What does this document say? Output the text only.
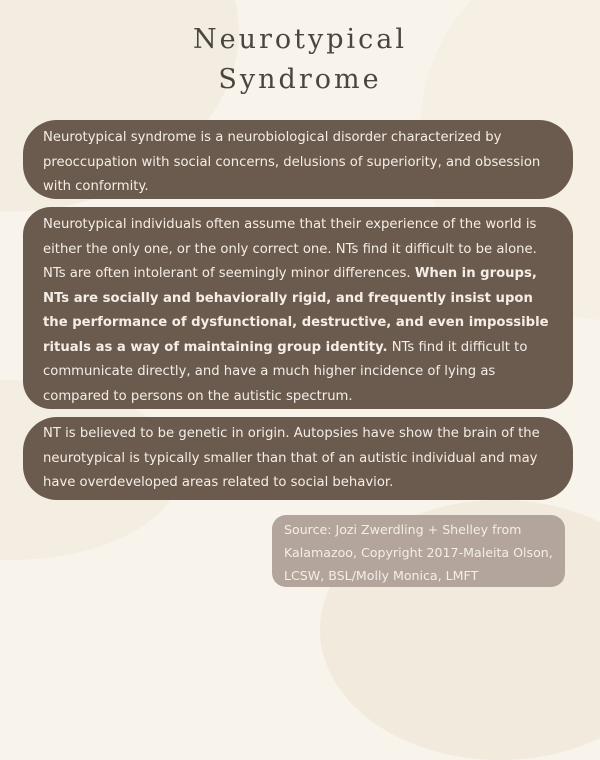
Neurotypical
Syndrome
Neurotypical syndrome is a neurobiological disorder characterized by preoccupation with social concerns, delusions of superiority, and obsession with conformity.
Neurotypical individuals often assume that their experience of the world is either the only one, or the only correct one. NTs find it difficult to be alone. NTs are often intolerant of seemingly minor differences. When in groups, NTs are socially and behaviorally rigid, and frequently insist upon the performance of dysfunctional, destructive, and even impossible rituals as a way of maintaining group identity. NTs find it difficult to communicate directly, and have a much higher incidence of lying as compared to persons on the autistic spectrum.
NT is believed to be genetic in origin. Autopsies have show the brain of the neurotypical is typically smaller than that of an autistic individual and may have overdeveloped areas related to social behavior.
Source: Jozi Zwerdling + Shelley from Kalamazoo, Copyright 2017-Maleita Olson, LCSW, BSL/Molly Monica, LMFT
